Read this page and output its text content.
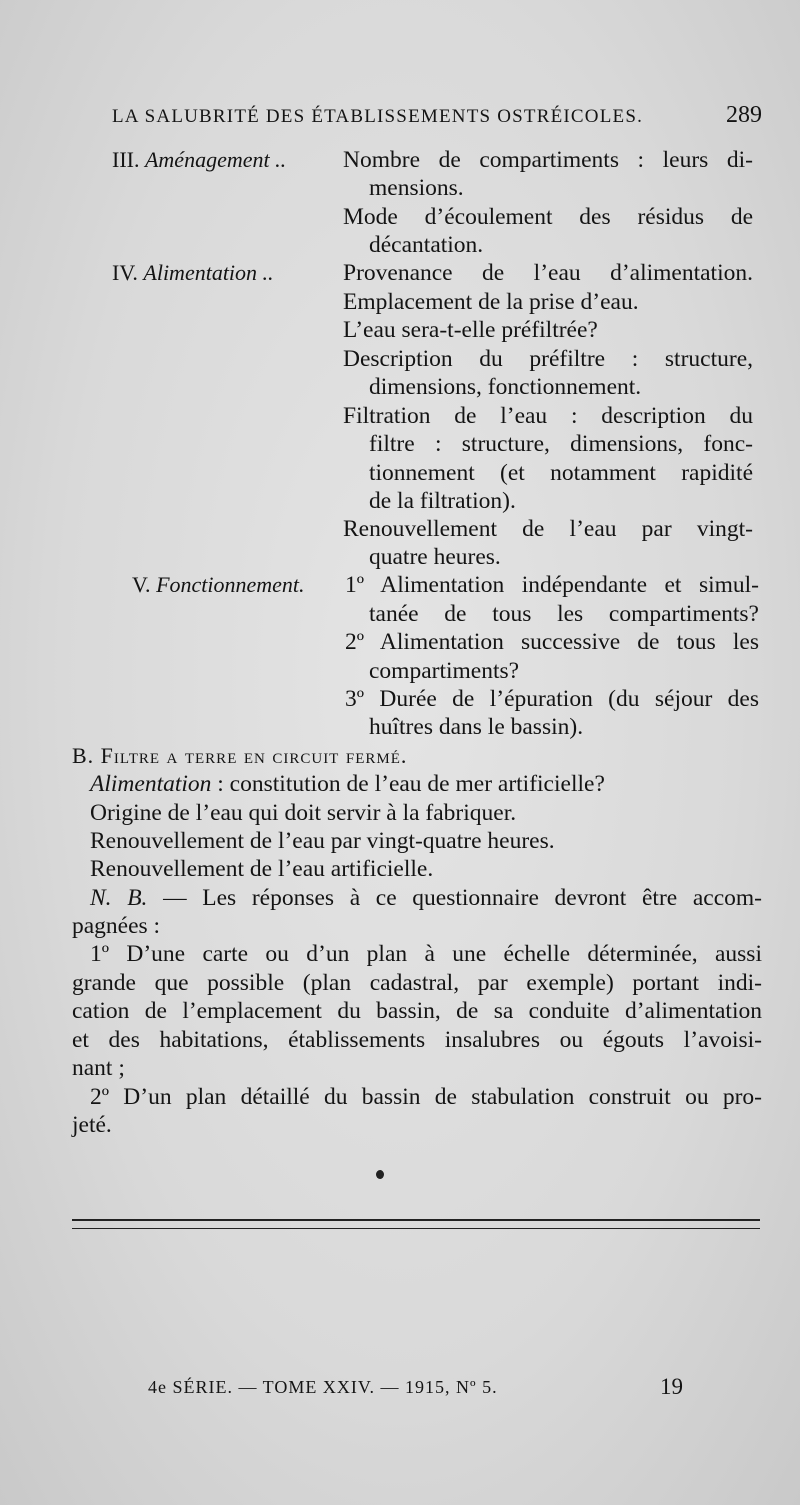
LA SALUBRITÉ DES ÉTABLISSEMENTS OSTRÉICOLES.	289
III. Aménagement .. Nombre de compartiments : leurs di-
mensions.
Mode d’écoulement des résidus de
décantation.
IV. Alimentation ..	Provenance de l’eau d’alimentation.
Emplacement de la prise d’eau.
L’eau sera-t-elle préfiltrée?
Description du préfiltre : structure,
dimensions, fonctionnement.
Filtration de l’eau : description du
filtre : structure, dimensions, fonc-
tionnement (et notamment rapidité
de la filtration).
Renouvellement de l’eau par vingt-
quatre heures.
V. Fonctionnement. 1º Alimentation indépendante et simul-
tanée de tous les compartiments?
2º Alimentation successive de tous les
compartiments?
3º Durée de l’épuration (du séjour des
huîtres dans le bassin).
B. Filtre a terre en circuit fermé.
Alimentation : constitution de l’eau de mer artificielle?
Origine de l’eau qui doit servir à la fabriquer.
Renouvellement de l’eau par vingt-quatre heures.
Renouvellement de l’eau artificielle.
N. B. — Les réponses à ce questionnaire devront être accom-
pagnées :
1º D’une carte ou d’un plan à une échelle déterminée, aussi
grande que possible (plan cadastral, par exemple) portant indi-
cation de l’emplacement du bassin, de sa conduite d’alimentation
et des habitations, établissements insalubres ou égouts l’avoisi-
nant ;
2º D’un plan détaillé du bassin de stabulation construit ou pro-
jeté.
4e SÉRIE. — TOME XXIV. — 1915, Nº 5.	19
